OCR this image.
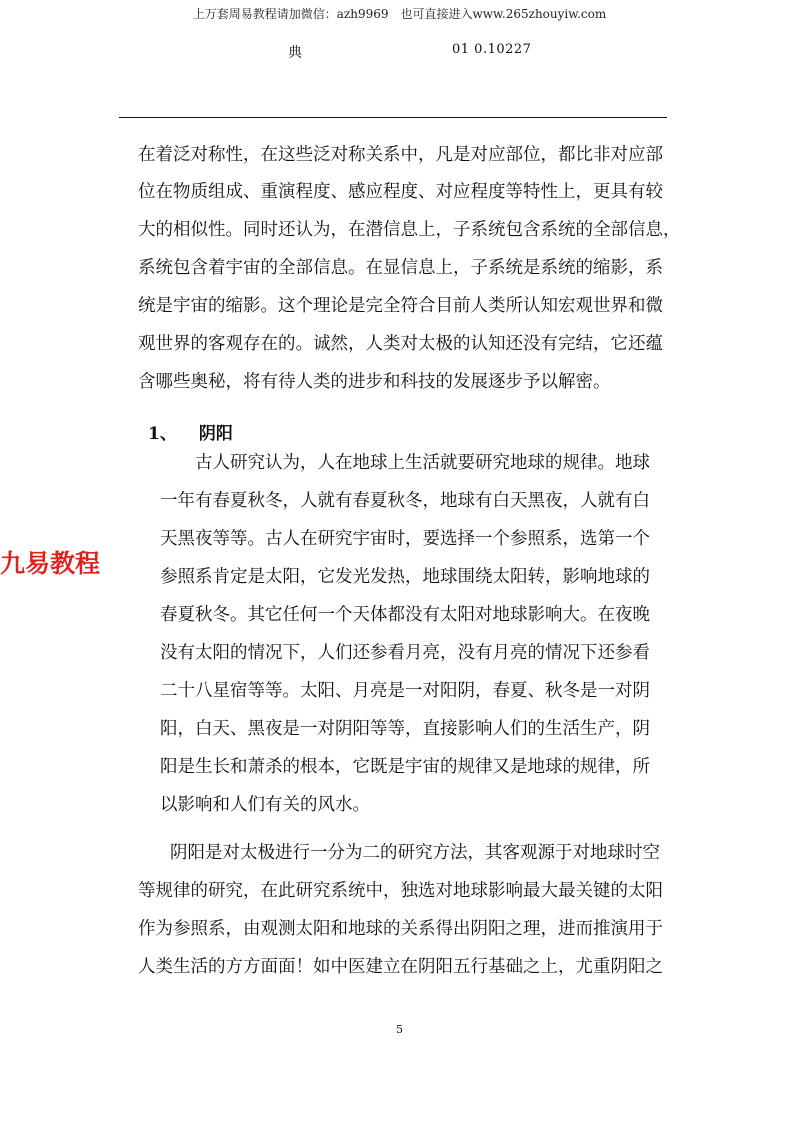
上万套周易教程请加微信：azh9969　也可直接进入www.265zhouyiw.com
典	01 0.10227
在着泛对称性，在这些泛对称关系中，凡是对应部位，都比非对应部
位在物质组成、重演程度、感应程度、对应程度等特性上，更具有较
大的相似性。同时还认为，在潜信息上，子系统包含系统的全部信息，
系统包含着宇宙的全部信息。在显信息上，子系统是系统的缩影，系
统是宇宙的缩影。这个理论是完全符合目前人类所认知宏观世界和微
观世界的客观存在的。诚然，人类对太极的认知还没有完结，它还蕴
含哪些奥秘，将有待人类的进步和科技的发展逐步予以解密。
1、 阴阳
古人研究认为，人在地球上生活就要研究地球的规律。地球
一年有春夏秋冬，人就有春夏秋冬，地球有白天黑夜，人就有白
天黑夜等等。古人在研究宇宙时，要选择一个参照系，选第一个
参照系肯定是太阳，它发光发热，地球围绕太阳转，影响地球的
春夏秋冬。其它任何一个天体都没有太阳对地球影响大。在夜晚
没有太阳的情况下，人们还参看月亮，没有月亮的情况下还参看
二十八星宿等等。太阳、月亮是一对阳阴，春夏、秋冬是一对阴
阳，白天、黑夜是一对阴阳等等，直接影响人们的生活生产，阴
阳是生长和萧杀的根本，它既是宇宙的规律又是地球的规律，所
以影响和人们有关的风水。
阴阳是对太极进行一分为二的研究方法，其客观源于对地球时空
等规律的研究，在此研究系统中，独选对地球影响最大最关键的太阳
作为参照系，由观测太阳和地球的关系得出阴阳之理，进而推演用于
人类生活的方方面面！如中医建立在阴阳五行基础之上，尤重阴阳之
九易教程
5
